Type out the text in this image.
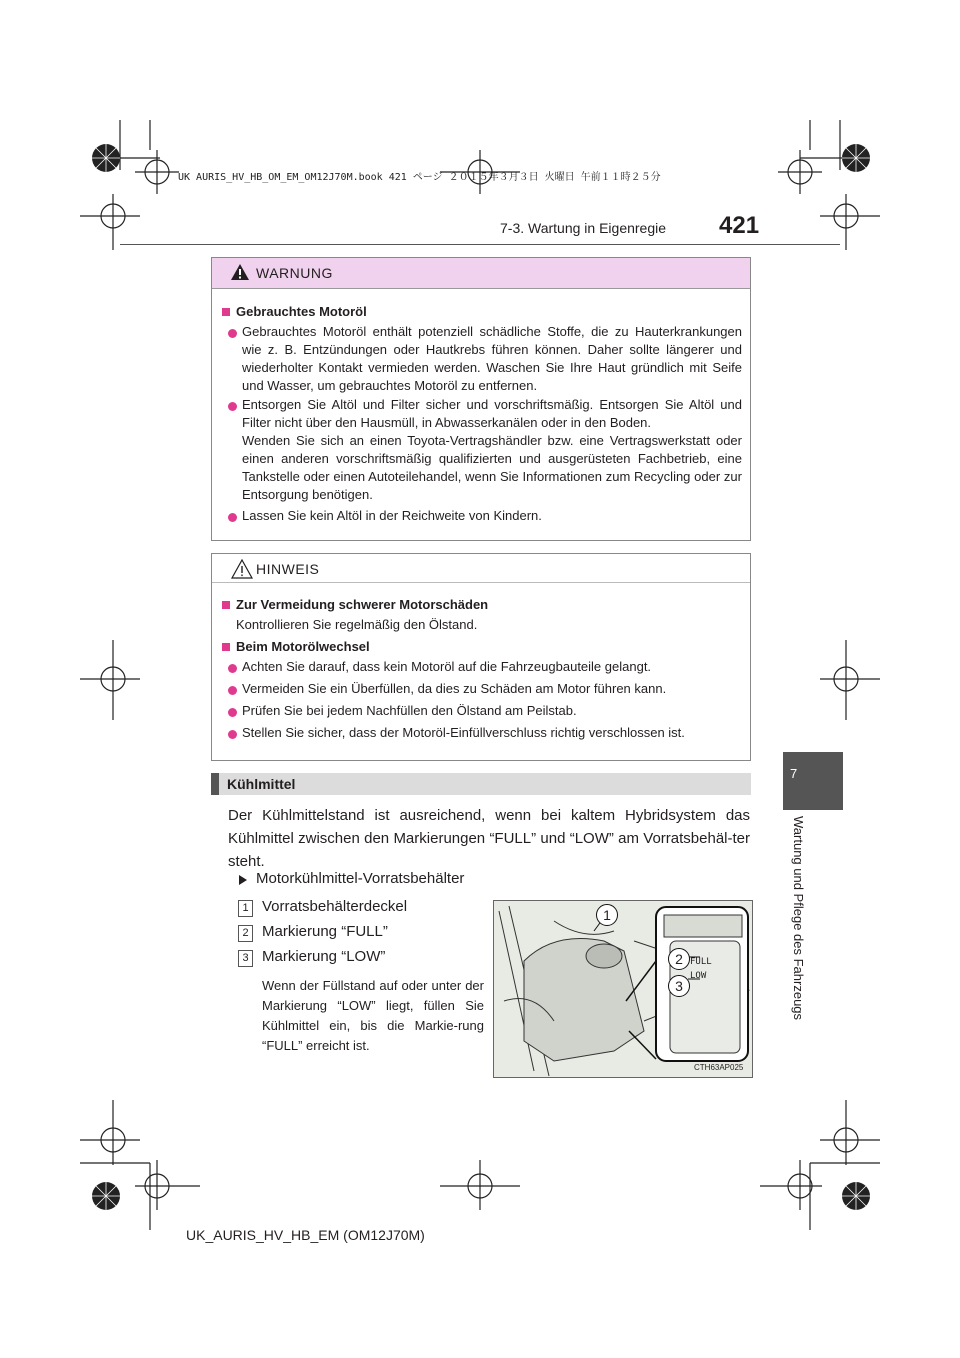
UK AURIS_HV_HB_OM_EM_OM12J70M.book 421 ページ ２０１５年３月３日 火曜日 午前１１時２５分
7-3. Wartung in Eigenregie 421
7
Wartung und Pflege des Fahrzeugs
WARNUNG
Gebrauchtes Motoröl
Gebrauchtes Motoröl enthält potenziell schädliche Stoffe, die zu Hauterkrankungen wie z. B. Entzündungen oder Hautkrebs führen können. Daher sollte längerer und wiederholter Kontakt vermieden werden. Waschen Sie Ihre Haut gründlich mit Seife und Wasser, um gebrauchtes Motoröl zu entfernen.
Entsorgen Sie Altöl und Filter sicher und vorschriftsmäßig. Entsorgen Sie Altöl und Filter nicht über den Hausmüll, in Abwasserkanälen oder in den Boden.
Wenden Sie sich an einen Toyota-Vertragshändler bzw. eine Vertragswerkstatt oder einen anderen vorschriftsmäßig qualifizierten und ausgerüsteten Fachbetrieb, eine Tankstelle oder einen Autoteilehandel, wenn Sie Informationen zum Recycling oder zur Entsorgung benötigen.
Lassen Sie kein Altöl in der Reichweite von Kindern.
HINWEIS
Zur Vermeidung schwerer Motorschäden
Kontrollieren Sie regelmäßig den Ölstand.
Beim Motorölwechsel
Achten Sie darauf, dass kein Motoröl auf die Fahrzeugbauteile gelangt.
Vermeiden Sie ein Überfüllen, da dies zu Schäden am Motor führen kann.
Prüfen Sie bei jedem Nachfüllen den Ölstand am Peilstab.
Stellen Sie sicher, dass der Motoröl-Einfüllverschluss richtig verschlossen ist.
Kühlmittel
Der Kühlmittelstand ist ausreichend, wenn bei kaltem Hybridsystem das Kühlmittel zwischen den Markierungen “FULL” und “LOW” am Vorratsbehäl-ter steht.
Motorkühlmittel-Vorratsbehälter
1 Vorratsbehälterdeckel
2 Markierung “FULL”
3 Markierung “LOW”
Wenn der Füllstand auf oder unter der Markierung “LOW” liegt, füllen Sie Kühlmittel ein, bis die Markie-rung “FULL” erreicht ist.
FULL
LOW
1
2
3
CTH63AP025
UK_AURIS_HV_HB_EM (OM12J70M)
